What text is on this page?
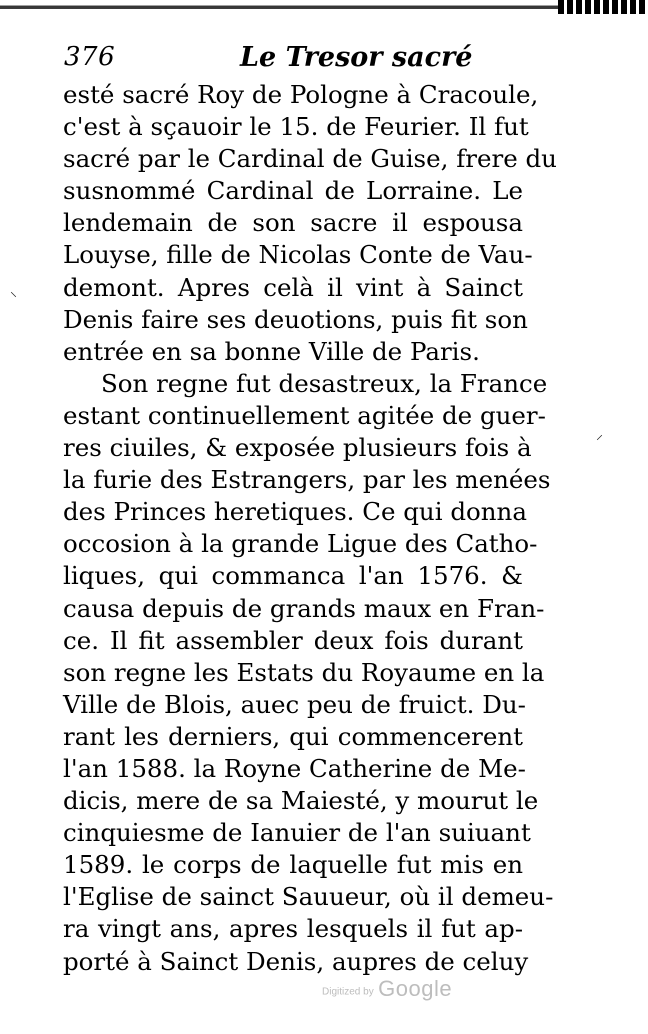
376	Le Tresor sacré
esté sacré Roy de Pologne à Cracoule,
c'est à sçauoir le 15. de Feurier. Il fut
sacré par le Cardinal de Guise, frere du
susnommé Cardinal de Lorraine. Le
lendemain de son sacre il espousa
Louyse, fille de Nicolas Conte de Vau-
demont. Apres celà il vint à Sainct
Denis faire ses deuotions, puis fit son
entrée en sa bonne Ville de Paris.
Son regne fut desastreux, la France
estant continuellement agitée de guer-
res ciuiles, & exposée plusieurs fois à
la furie des Estrangers, par les menées
des Princes heretiques. Ce qui donna
occosion à la grande Ligue des Catho-
liques, qui commanca l'an 1576. &
causa depuis de grands maux en Fran-
ce. Il fit assembler deux fois durant
son regne les Estats du Royaume en la
Ville de Blois, auec peu de fruict. Du-
rant les derniers, qui commencerent
l'an 1588. la Royne Catherine de Me-
dicis, mere de sa Maiesté, y mourut le
cinquiesme de Ianuier de l'an suiuant
1589. le corps de laquelle fut mis en
l'Eglise de sainct Sauueur, où il demeu-
ra vingt ans, apres lesquels il fut ap-
porté à Sainct Denis, aupres de celuy
⸜
⸝
Digitized by Google
